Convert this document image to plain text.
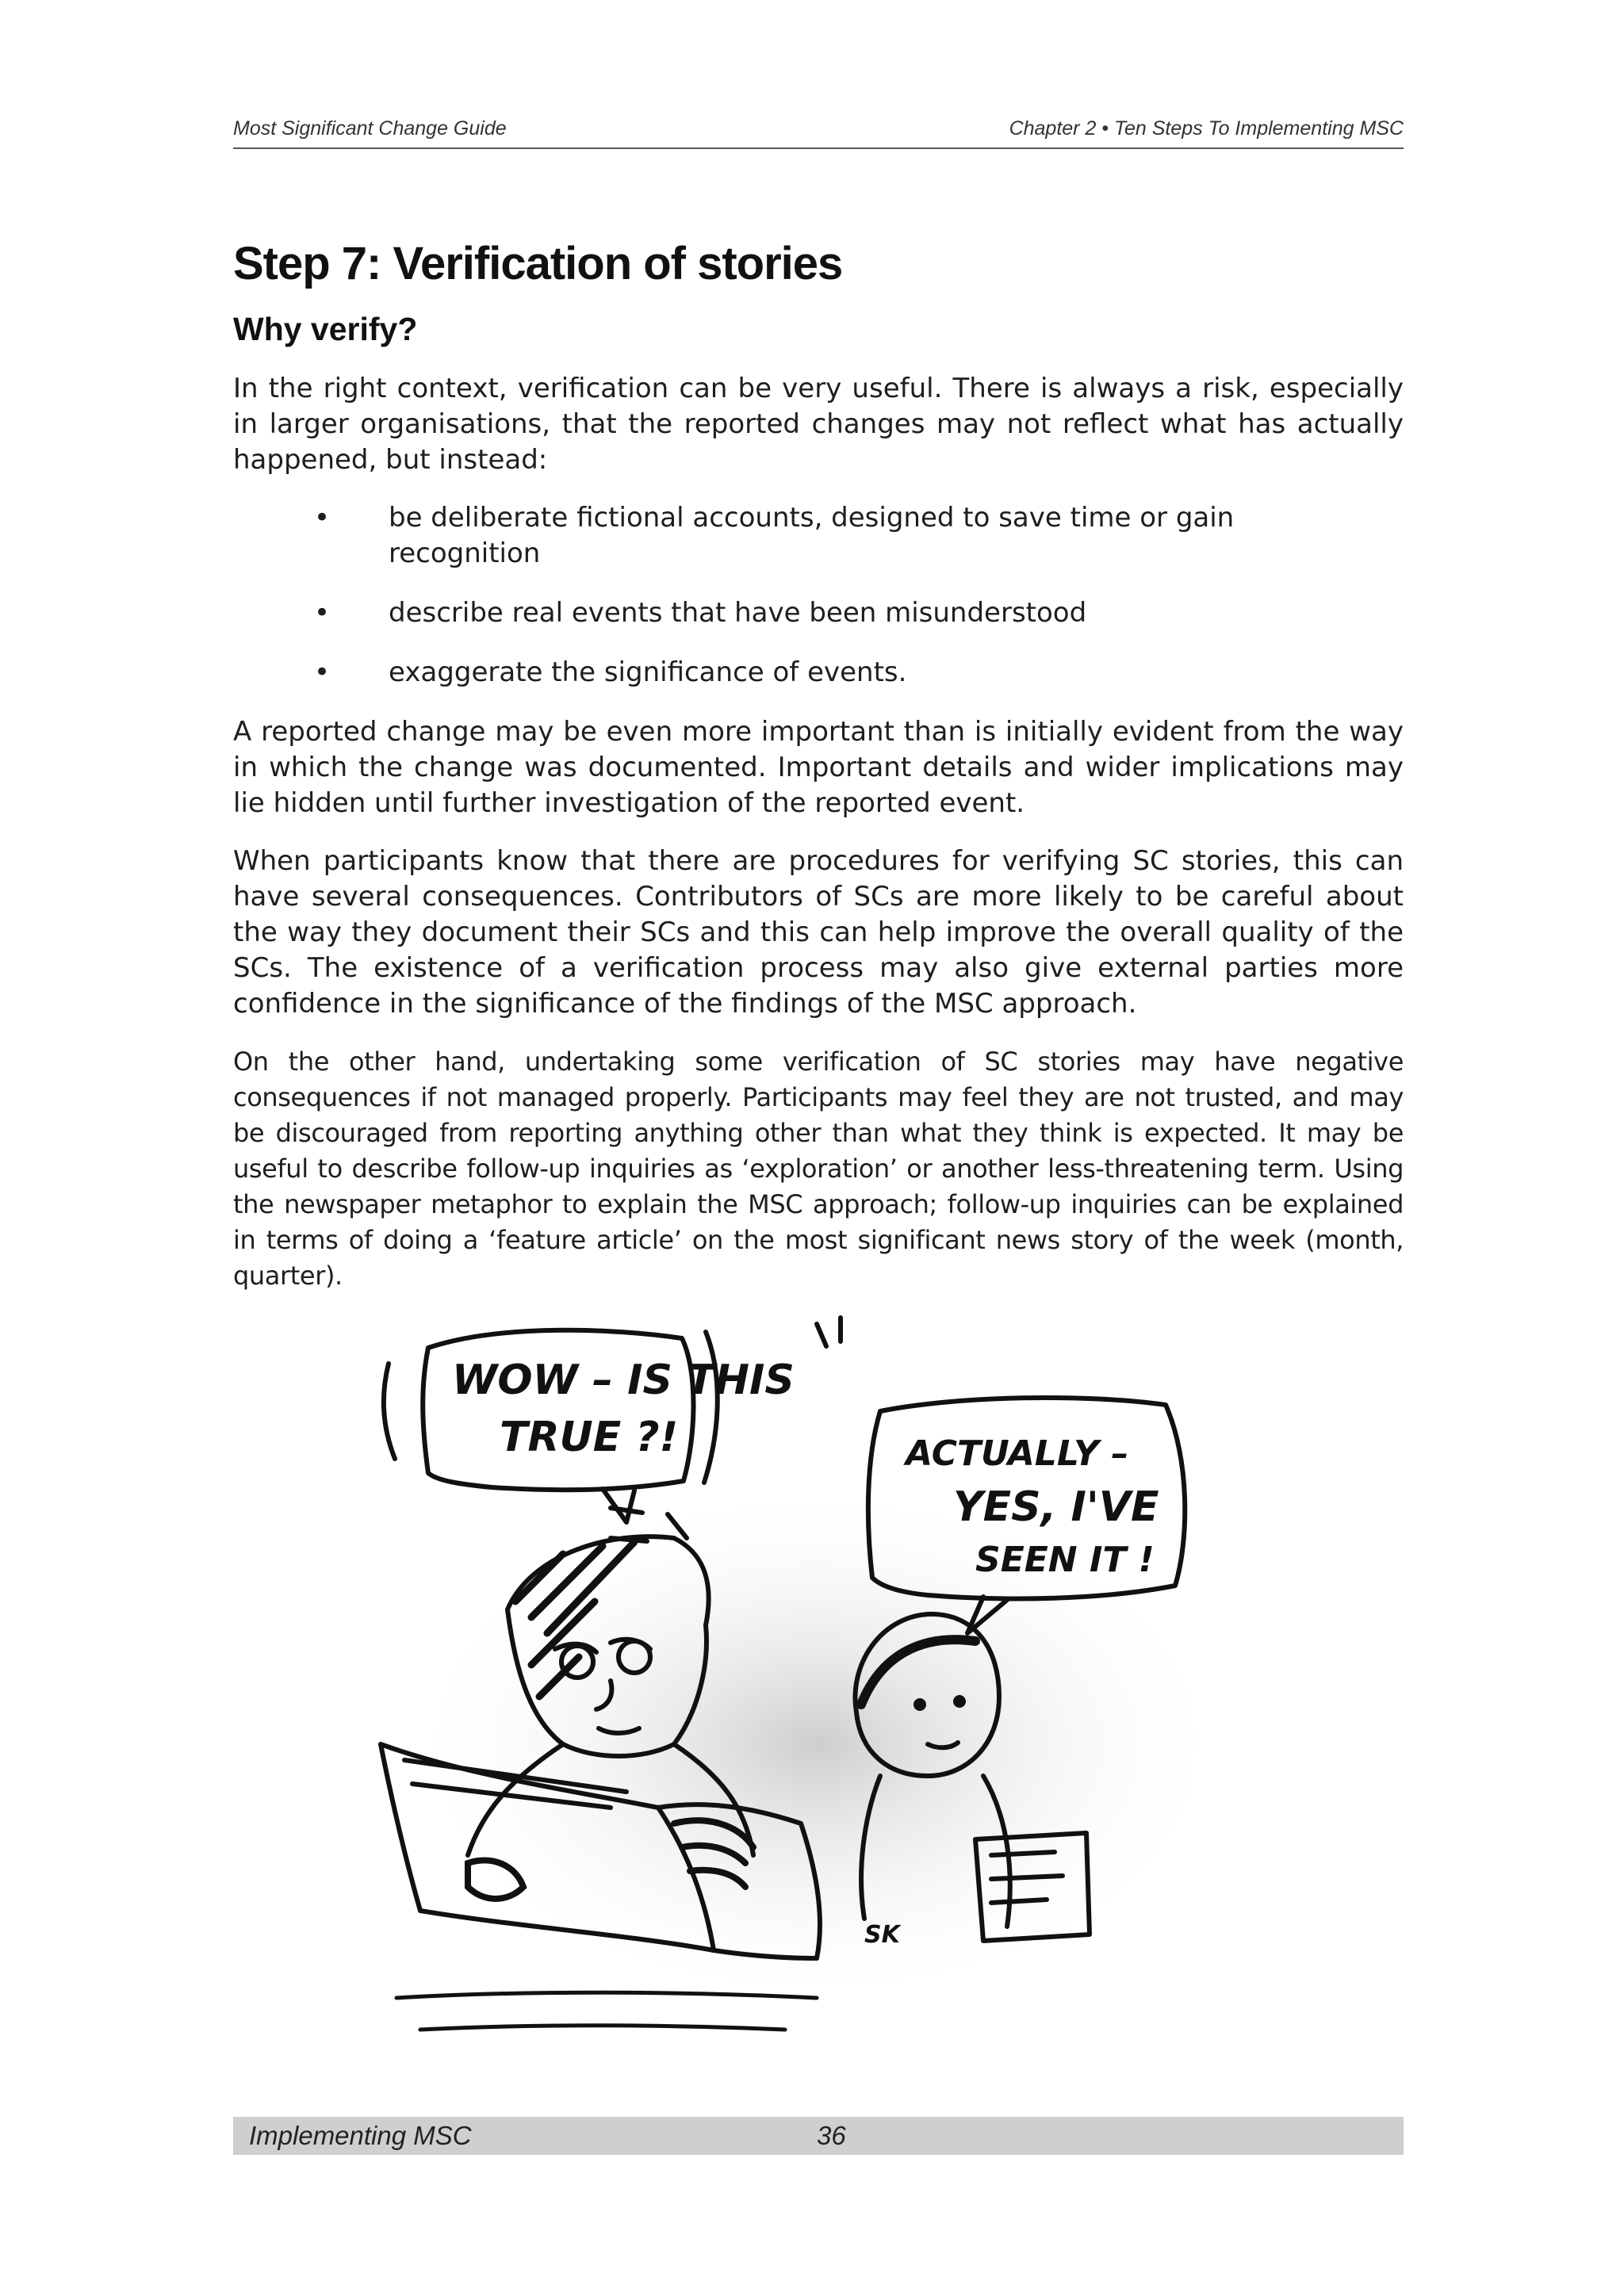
Most Significant Change Guide	Chapter 2 • Ten Steps To Implementing MSC
Step 7: Verification of stories
Why verify?

In the right context, verification can be very useful. There is always a risk, especially in larger organisations, that the reported changes may not reflect what has actually happened, but instead:

• be deliberate fictional accounts, designed to save time or gain recognition
• describe real events that have been misunderstood
• exaggerate the significance of events.

A reported change may be even more important than is initially evident from the way in which the change was documented. Important details and wider implications may lie hidden until further investigation of the reported event.

When participants know that there are procedures for verifying SC stories, this can have several consequences. Contributors of SCs are more likely to be careful about the way they document their SCs and this can help improve the overall quality of the SCs. The existence of a verification process may also give external parties more confidence in the significance of the findings of the MSC approach.

On the other hand, undertaking some verification of SC stories may have negative consequences if not managed properly. Participants may feel they are not trusted, and may be discouraged from reporting anything other than what they think is expected. It may be useful to describe follow-up inquiries as ‘exploration’ or another less-threatening term. Using the newspaper metaphor to explain the MSC approach; follow-up inquiries can be explained in terms of doing a ‘feature article’ on the most significant news story of the week (month, quarter).

WOW – IS THIS
TRUE ?!	ACTUALLY –
YES, I'VE
SEEN IT !
SK
Implementing MSC	36
